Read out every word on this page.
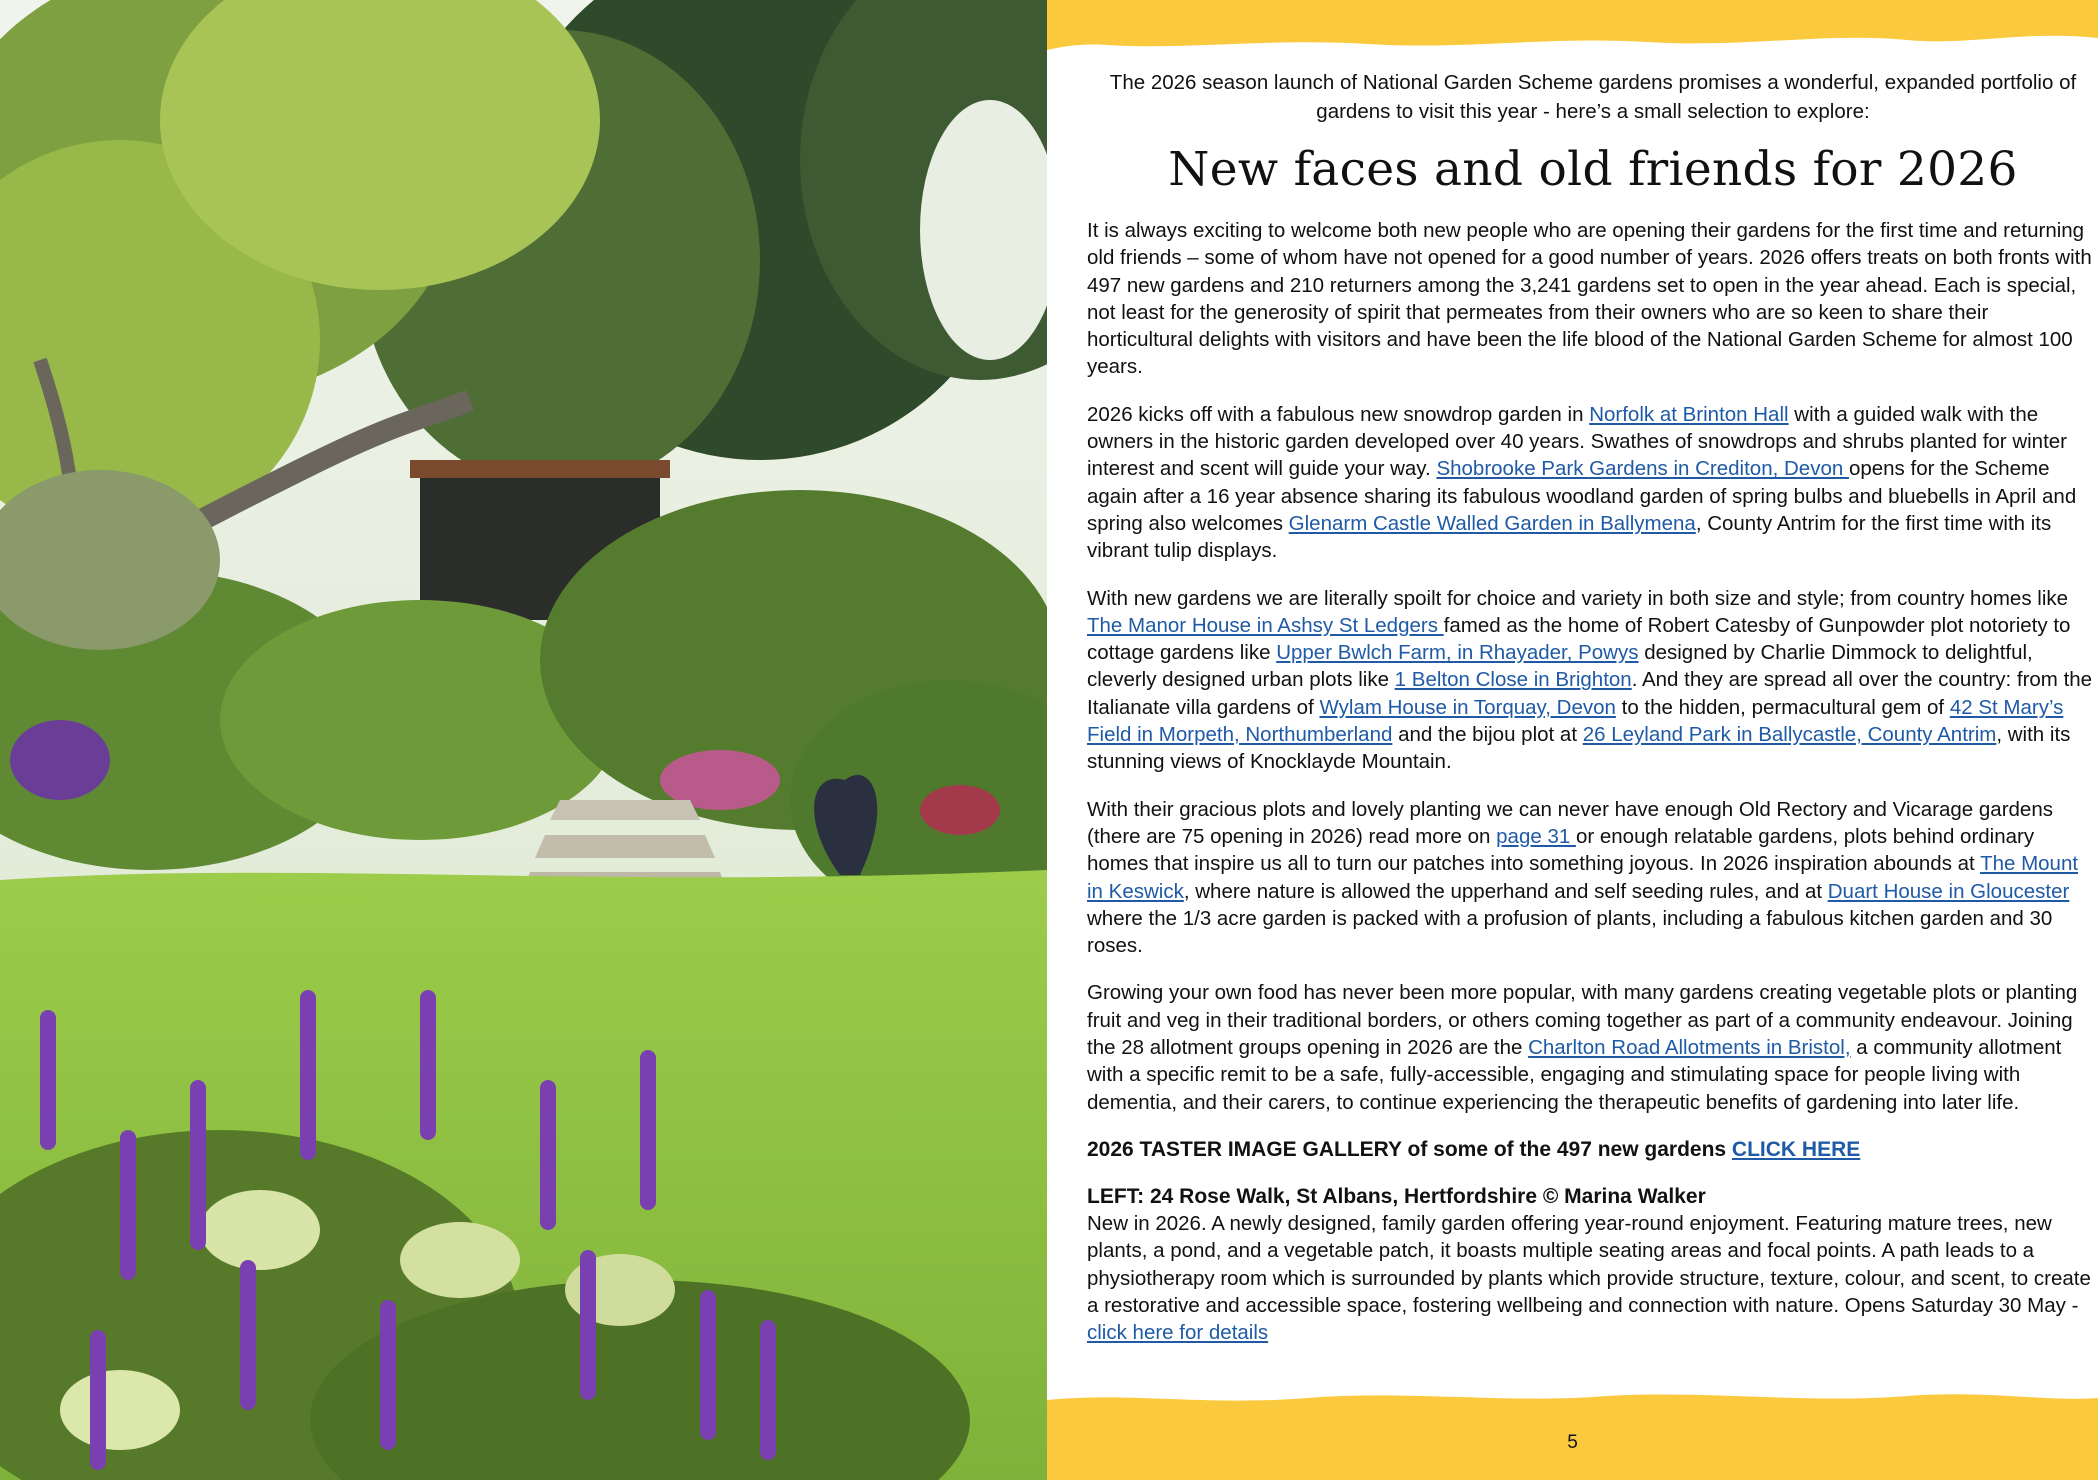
The 2026 season launch of National Garden Scheme gardens promises a wonderful, expanded portfolio of gardens to visit this year - here’s a small selection to explore:

New faces and old friends for 2026

It is always exciting to welcome both new people who are opening their gardens for the first time and returning old friends – some of whom have not opened for a good number of years. 2026 offers treats on both fronts with 497 new gardens and 210 returners among the 3,241 gardens set to open in the year ahead. Each is special, not least for the generosity of spirit that permeates from their owners who are so keen to share their horticultural delights with visitors and have been the life blood of the National Garden Scheme for almost 100 years.

2026 kicks off with a fabulous new snowdrop garden in Norfolk at Brinton Hall with a guided walk with the owners in the historic garden developed over 40 years. Swathes of snowdrops and shrubs planted for winter interest and scent will guide your way. Shobrooke Park Gardens in Crediton, Devon opens for the Scheme again after a 16 year absence sharing its fabulous woodland garden of spring bulbs and bluebells in April and spring also welcomes Glenarm Castle Walled Garden in Ballymena, County Antrim for the first time with its vibrant tulip displays.

With new gardens we are literally spoilt for choice and variety in both size and style; from country homes like The Manor House in Ashsy St Ledgers famed as the home of Robert Catesby of Gunpowder plot notoriety to cottage gardens like Upper Bwlch Farm, in Rhayader, Powys designed by Charlie Dimmock to delightful, cleverly designed urban plots like 1 Belton Close in Brighton. And they are spread all over the country: from the Italianate villa gardens of Wylam House in Torquay, Devon to the hidden, permacultural gem of 42 St Mary’s Field in Morpeth, Northumberland and the bijou plot at 26 Leyland Park in Ballycastle, County Antrim, with its stunning views of Knocklayde Mountain.

With their gracious plots and lovely planting we can never have enough Old Rectory and Vicarage gardens (there are 75 opening in 2026) read more on page 31 or enough relatable gardens, plots behind ordinary homes that inspire us all to turn our patches into something joyous. In 2026 inspiration abounds at The Mount in Keswick, where nature is allowed the upperhand and self seeding rules, and at Duart House in Gloucester where the 1/3 acre garden is packed with a profusion of plants, including a fabulous kitchen garden and 30 roses.

Growing your own food has never been more popular, with many gardens creating vegetable plots or planting fruit and veg in their traditional borders, or others coming together as part of a community endeavour. Joining the 28 allotment groups opening in 2026 are the Charlton Road Allotments in Bristol, a community allotment with a specific remit to be a safe, fully-accessible, engaging and stimulating space for people living with dementia, and their carers, to continue experiencing the therapeutic benefits of gardening into later life.

2026 TASTER IMAGE GALLERY of some of the 497 new gardens CLICK HERE

LEFT: 24 Rose Walk, St Albans, Hertfordshire © Marina Walker

New in 2026. A newly designed, family garden offering year-round enjoyment. Featuring mature trees, new plants, a pond, and a vegetable patch, it boasts multiple seating areas and focal points. A path leads to a physiotherapy room which is surrounded by plants which provide structure, texture, colour, and scent, to create a restorative and accessible space, fostering wellbeing and connection with nature. Opens Saturday 30 May - click here for details

5
